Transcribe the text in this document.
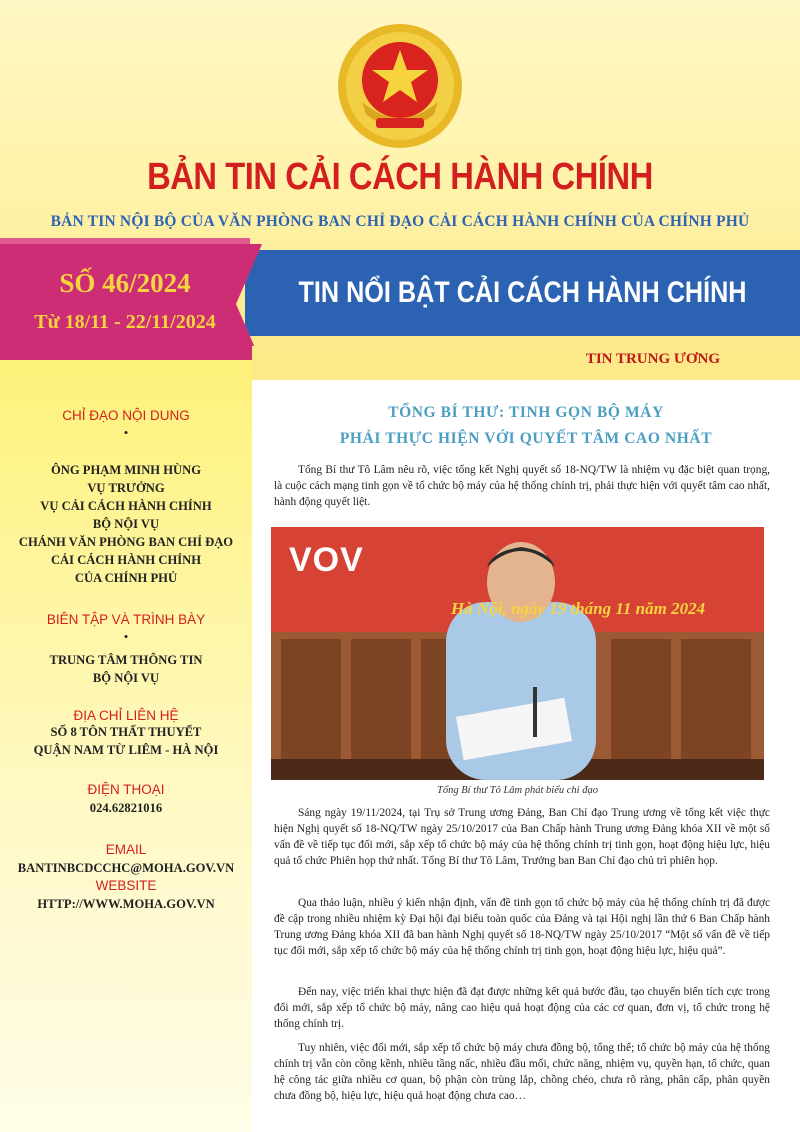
BẢN TIN CẢI CÁCH HÀNH CHÍNH
BẢN TIN NỘI BỘ CỦA VĂN PHÒNG BAN CHỈ ĐẠO CẢI CÁCH HÀNH CHÍNH CỦA CHÍNH PHỦ
TIN NỔI BẬT CẢI CÁCH HÀNH CHÍNH
SỐ 46/2024
Từ 18/11 - 22/11/2024
TIN TRUNG ƯƠNG
CHỈ ĐẠO NỘI DUNG
•
ÔNG PHẠM MINH HÙNG
VỤ TRƯỞNG
VỤ CẢI CÁCH HÀNH CHÍNH
BỘ NỘI VỤ
CHÁNH VĂN PHÒNG BAN CHỈ ĐẠO
CẢI CÁCH HÀNH CHÍNH
CỦA CHÍNH PHỦ
BIÊN TẬP VÀ TRÌNH BÀY
•
TRUNG TÂM THÔNG TIN
BỘ NỘI VỤ
ĐỊA CHỈ LIÊN HỆ
SỐ 8 TÔN THẤT THUYẾT
QUẬN NAM TỪ LIÊM - HÀ NỘI
ĐIỆN THOẠI
024.62821016
EMAIL
BANTINBCDCCHC@MOHA.GOV.VN
WEBSITE
HTTP://WWW.MOHA.GOV.VN
TỔNG BÍ THƯ: TINH GỌN BỘ MÁY
PHẢI THỰC HIỆN VỚI QUYẾT TÂM CAO NHẤT
Tổng Bí thư Tô Lâm nêu rõ, việc tổng kết Nghị quyết số 18-NQ/TW là nhiệm vụ đặc biệt quan trọng, là cuộc cách mạng tinh gọn về tổ chức bộ máy của hệ thống chính trị, phải thực hiện với quyết tâm cao nhất, hành động quyết liệt.
VOV
Hà Nội, ngày 19 tháng 11 năm 2024
Tổng Bí thư Tô Lâm phát biểu chỉ đạo
Sáng ngày 19/11/2024, tại Trụ sở Trung ương Đảng, Ban Chỉ đạo Trung ương về tổng kết việc thực hiện Nghị quyết số 18-NQ/TW ngày 25/10/2017 của Ban Chấp hành Trung ương Đảng khóa XII về một số vấn đề về tiếp tục đổi mới, sắp xếp tổ chức bộ máy của hệ thống chính trị tinh gọn, hoạt động hiệu lực, hiệu quả tổ chức Phiên họp thứ nhất. Tổng Bí thư Tô Lâm, Trưởng ban Ban Chỉ đạo chủ trì phiên họp.
Qua thảo luận, nhiều ý kiến nhận định, vấn đề tinh gọn tổ chức bộ máy của hệ thống chính trị đã được đề cập trong nhiều nhiệm kỳ Đại hội đại biểu toàn quốc của Đảng và tại Hội nghị lần thứ 6 Ban Chấp hành Trung ương Đảng khóa XII đã ban hành Nghị quyết số 18-NQ/TW ngày 25/10/2017 “Một số vấn đề về tiếp tục đổi mới, sắp xếp tổ chức bộ máy của hệ thống chính trị tinh gọn, hoạt động hiệu lực, hiệu quả”.
Đến nay, việc triển khai thực hiện đã đạt được những kết quả bước đầu, tạo chuyển biến tích cực trong đổi mới, sắp xếp tổ chức bộ máy, nâng cao hiệu quả hoạt động của các cơ quan, đơn vị, tổ chức trong hệ thống chính trị.
Tuy nhiên, việc đổi mới, sắp xếp tổ chức bộ máy chưa đồng bộ, tổng thể; tổ chức bộ máy của hệ thống chính trị vẫn còn cồng kềnh, nhiều tầng nấc, nhiều đầu mối, chức năng, nhiệm vụ, quyền hạn, tổ chức, quan hệ công tác giữa nhiều cơ quan, bộ phận còn trùng lắp, chồng chéo, chưa rõ ràng, phân cấp, phân quyền chưa đồng bộ, hiệu lực, hiệu quả hoạt động chưa cao…
